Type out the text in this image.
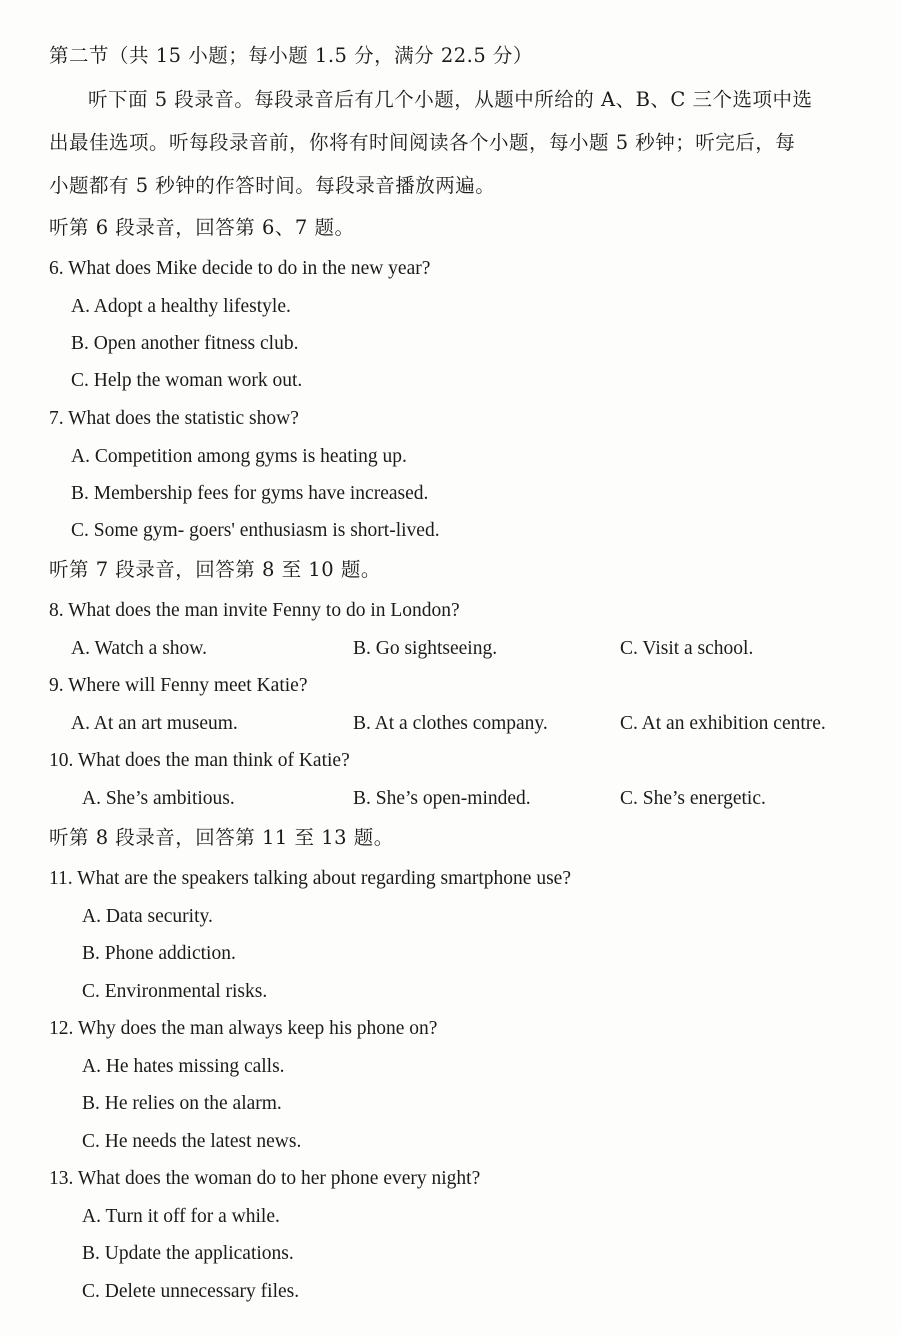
第二节（共 15 小题；每小题 1.5 分，满分 22.5 分）
听下面 5 段录音。每段录音后有几个小题，从题中所给的 A、B、C 三个选项中选
出最佳选项。听每段录音前，你将有时间阅读各个小题，每小题 5 秒钟；听完后，每
小题都有 5 秒钟的作答时间。每段录音播放两遍。
听第 6 段录音，回答第 6、7 题。
6. What does Mike decide to do in the new year?
A. Adopt a healthy lifestyle.
B. Open another fitness club.
C. Help the woman work out.
7. What does the statistic show?
A. Competition among gyms is heating up.
B. Membership fees for gyms have increased.
C. Some gym- goers' enthusiasm is short-lived.
听第 7 段录音，回答第 8 至 10 题。
8. What does the man invite Fenny to do in London?
A. Watch a show.	B. Go sightseeing.	C. Visit a school.
9. Where will Fenny meet Katie?
A. At an art museum.	B. At a clothes company.	C. At an exhibition centre.
10. What does the man think of Katie?
A. She’s ambitious.	B. She’s open-minded.	C. She’s energetic.
听第 8 段录音，回答第 11 至 13 题。
11. What are the speakers talking about regarding smartphone use?
A. Data security.
B. Phone addiction.
C. Environmental risks.
12. Why does the man always keep his phone on?
A. He hates missing calls.
B. He relies on the alarm.
C. He needs the latest news.
13. What does the woman do to her phone every night?
A. Turn it off for a while.
B. Update the applications.
C. Delete unnecessary files.
